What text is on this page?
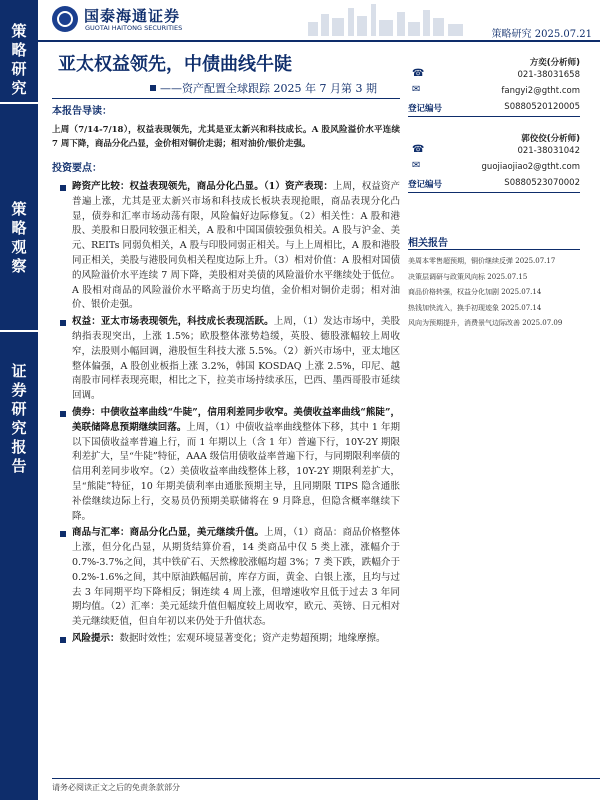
策略研究
策略观察
证券研究报告
国泰海通证券
GUOTAI HAITONG SECURITIES
策略研究 2025.07.21
亚太权益领先，中债曲线牛陡
——资产配置全球跟踪 2025 年 7 月第 3 期
本报告导读：
上周（7/14-7/18），权益表现领先，尤其是亚太新兴和科技成长。A 股风险溢价水平连续 7 周下降，商品分化凸显，金价相对铜价走弱；相对油价/银价走强。
投资要点：
跨资产比较：权益表现领先，商品分化凸显。（1）资产表现：上周，权益资产普遍上涨，尤其是亚太新兴市场和科技成长板块表现抢眼，商品表现分化凸显，债券和汇率市场动荡有限，风险偏好边际修复。（2）相关性：A 股和港股、美股和日股同较强正相关，A 股和中国国债较强负相关。A 股与沪金、美元、REITs 同弱负相关，A 股与印股同弱正相关。与上上周相比，A 股和港股同正相关，美股与港股同负相关程度边际上升。（3）相对价值：A 股相对国债的风险溢价水平连续 7 周下降，美股相对美债的风险溢价水平继续处于低位。A 股相对商品的风险溢价水平略高于历史均值，金价相对铜价走弱；相对油价、银价走强。
权益：亚太市场表现领先，科技成长表现活跃。上周，（1）发达市场中，美股纳指表现突出，上涨 1.5%；欧股整体涨势趋缓，英股、德股涨幅较上周收窄，法股则小幅回调，港股恒生科技大涨 5.5%。（2）新兴市场中，亚太地区整体偏强，A 股创业板指上涨 3.2%，韩国 KOSDAQ 上涨 2.5%，印尼、越南股市同样表现亮眼，相比之下，拉美市场持续承压，巴西、墨西哥股市延续回调。
债券：中债收益率曲线“牛陡”，信用利差同步收窄。美债收益率曲线“熊陡”，美联储降息预期继续回落。上周，（1）中债收益率曲线整体下移，其中 1 年期以下国债收益率普遍上行，而 1 年期以上（含 1 年）普遍下行，10Y-2Y 期限利差扩大，呈“牛陡”特征，AAA 级信用债收益率普遍下行，与同期限利率债的信用利差同步收窄。（2）美债收益率曲线整体上移，10Y-2Y 期限利差扩大，呈“熊陡”特征，10 年期美债利率由通胀预期主导，且同期限 TIPS 隐含通胀补偿继续边际上行，交易员仍预期美联储将在 9 月降息，但隐含概率继续下降。
商品与汇率：商品分化凸显，美元继续升值。上周，（1）商品：商品价格整体上涨，但分化凸显，从期货结算价看，14 类商品中仅 5 类上涨，涨幅介于 0.7%-3.7%之间，其中铁矿石、天然橡胶涨幅均超 3%；7 类下跌，跌幅介于 0.2%-1.6%之间，其中原油跌幅居前，库存方面，黄金、白银上涨，且均与过去 3 年同期平均下降相反；铜连续 4 周上涨，但增速收窄且低于过去 3 年同期均值。（2）汇率：美元延续升值但幅度较上周收窄，欧元、英镑、日元相对美元继续贬值，但自年初以来仍处于升值状态。
风险提示：数据时效性；宏观环境显著变化；资产走势超预期；地缘摩擦。
方奕(分析师)
☎	021-38031658
✉	fangyi2@gtht.com
登记编号	S0880520120005
郭佼佼(分析师)
☎	021-38031042
✉	guojiaojiao2@gtht.com
登记编号	S0880523070002
相关报告
美周本零售超预期，铜价继续反弹 2025.07.17
决策层调研与政策风向标 2025.07.15
商品价格转强，权益分化加剧 2025.07.14
热钱加快流入，换手初现迹象 2025.07.14
风向为预期提升，消费景气边际改善 2025.07.09
请务必阅读正文之后的免责条款部分
